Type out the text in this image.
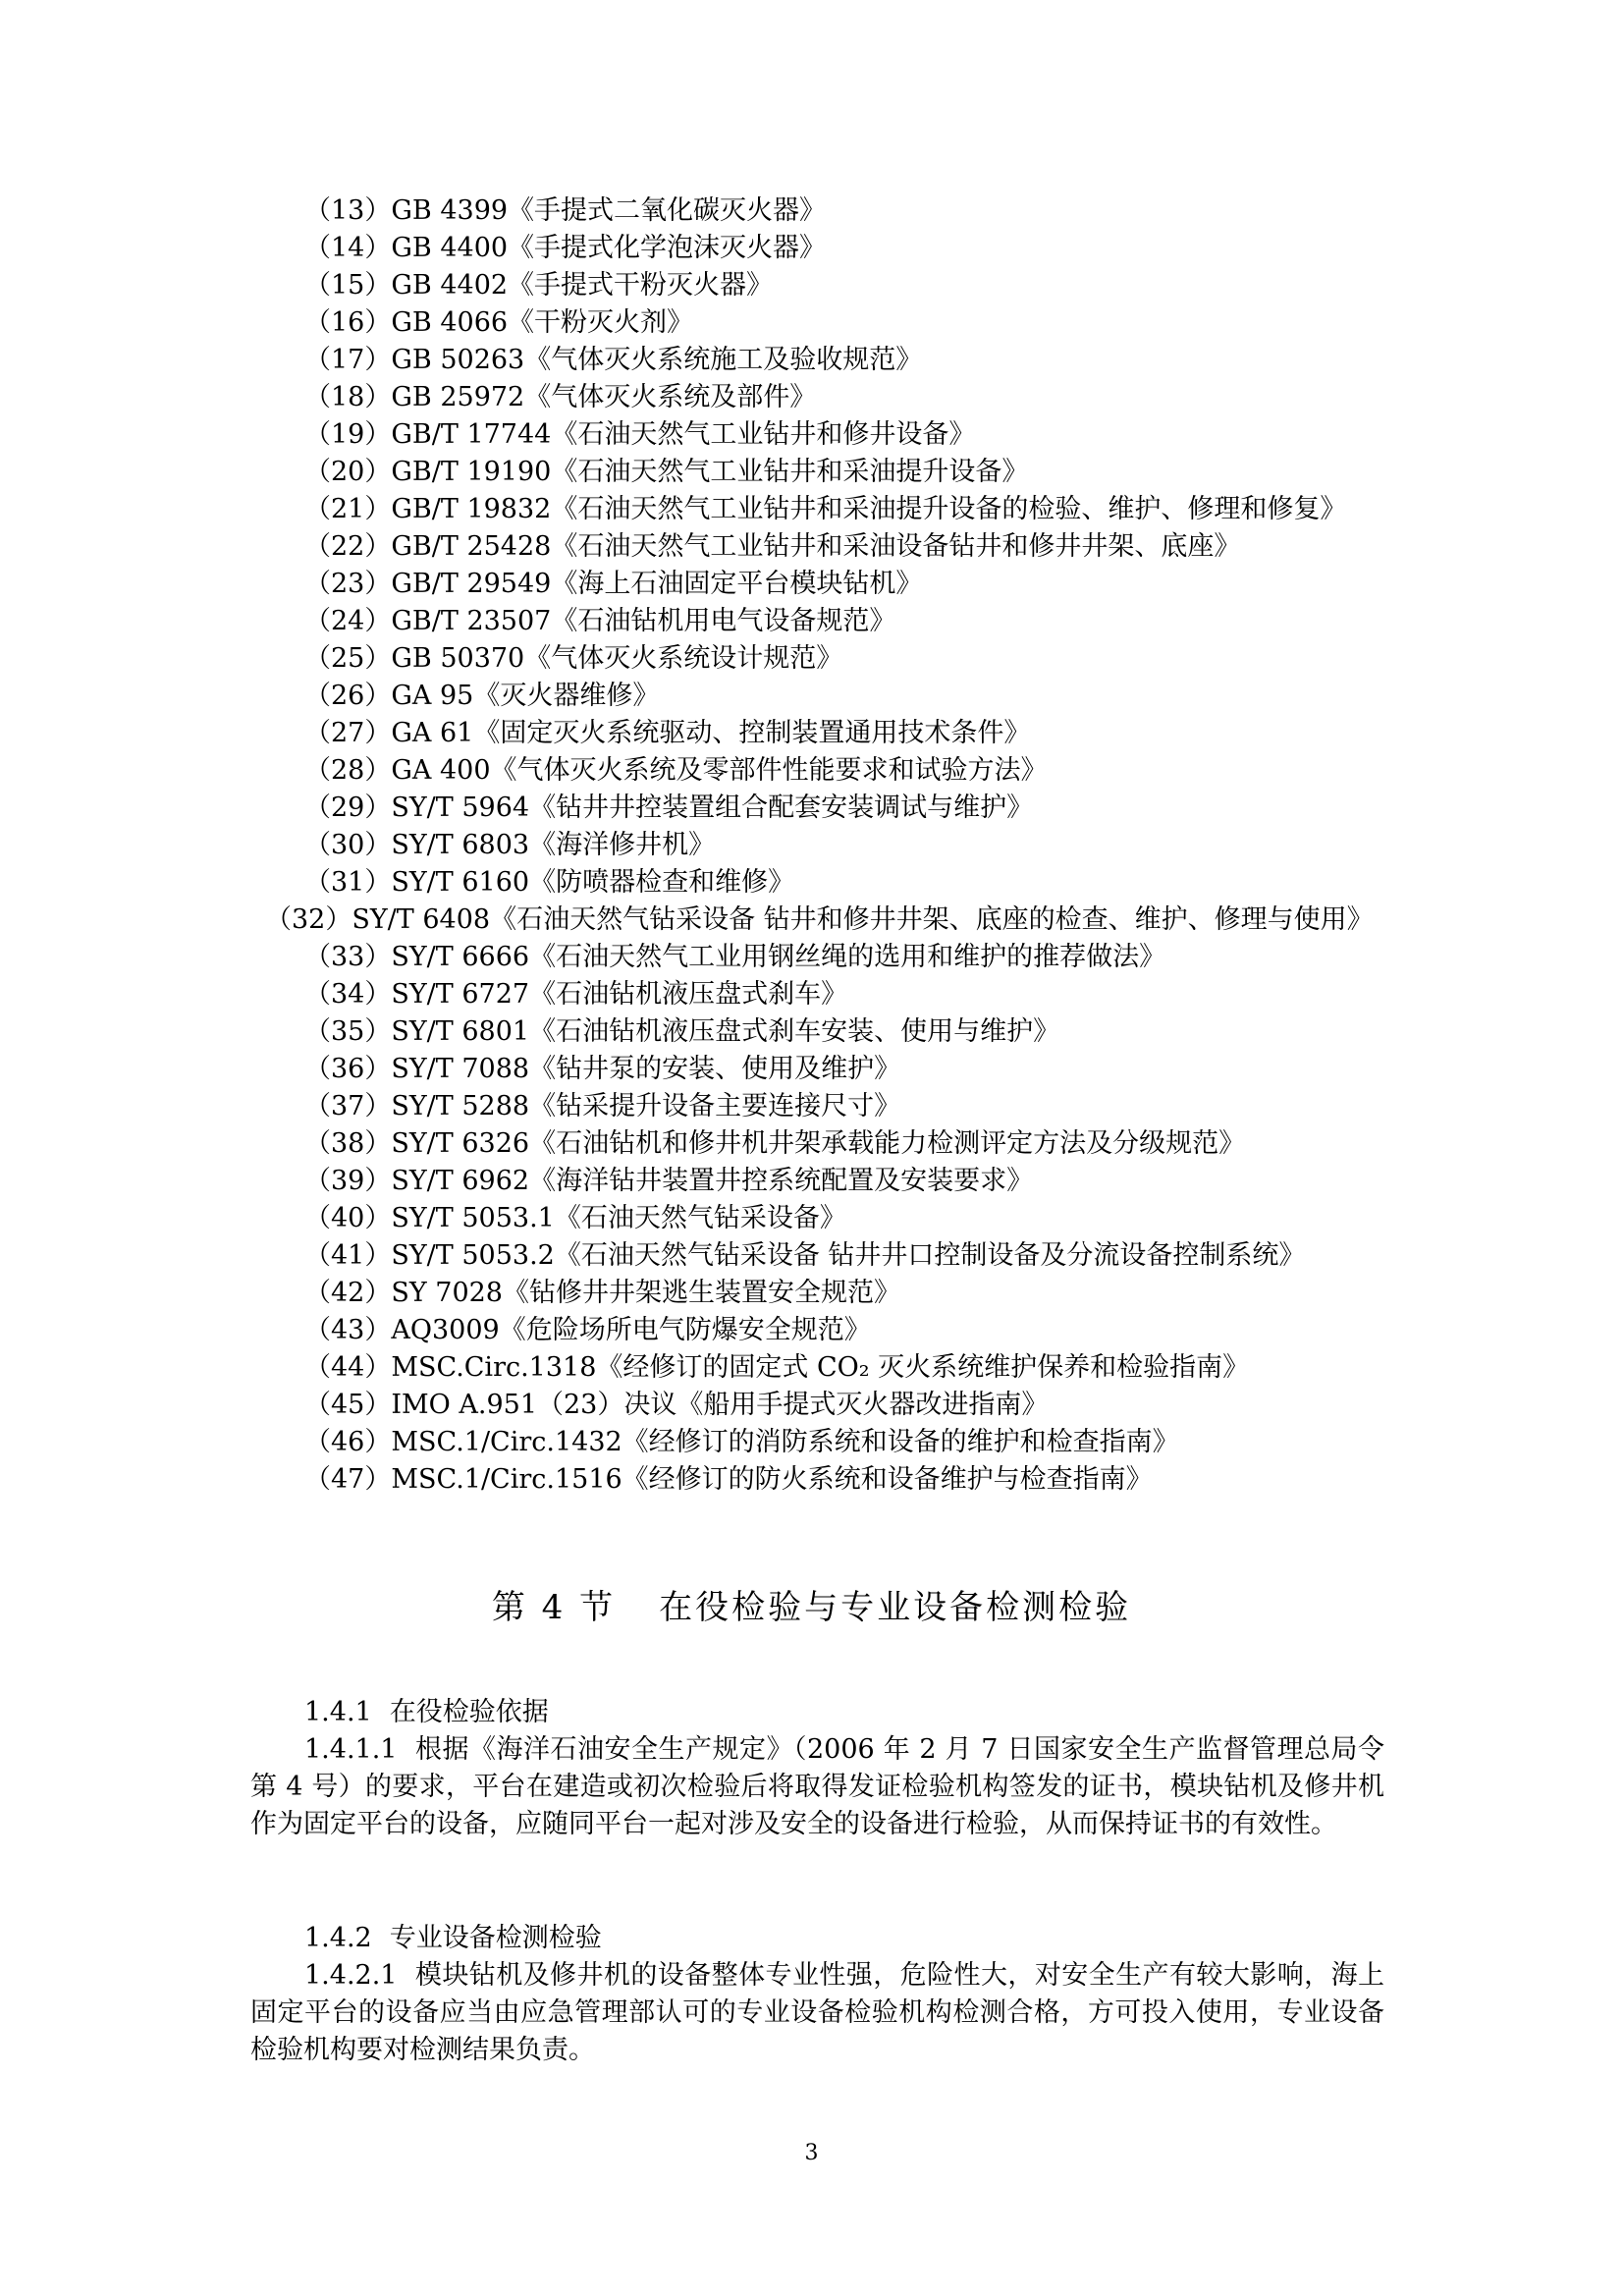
（13）GB 4399《手提式二氧化碳灭火器》
（14）GB 4400《手提式化学泡沫灭火器》
（15）GB 4402《手提式干粉灭火器》
（16）GB 4066《干粉灭火剂》
（17）GB 50263《气体灭火系统施工及验收规范》
（18）GB 25972《气体灭火系统及部件》
（19）GB/T 17744《石油天然气工业钻井和修井设备》
（20）GB/T 19190《石油天然气工业钻井和采油提升设备》
（21）GB/T 19832《石油天然气工业钻井和采油提升设备的检验、维护、修理和修复》
（22）GB/T 25428《石油天然气工业钻井和采油设备钻井和修井井架、底座》
（23）GB/T 29549《海上石油固定平台模块钻机》
（24）GB/T 23507《石油钻机用电气设备规范》
（25）GB 50370《气体灭火系统设计规范》
（26）GA 95《灭火器维修》
（27）GA 61《固定灭火系统驱动、控制装置通用技术条件》
（28）GA 400《气体灭火系统及零部件性能要求和试验方法》
（29）SY/T 5964《钻井井控装置组合配套安装调试与维护》
（30）SY/T 6803《海洋修井机》
（31）SY/T 6160《防喷器检查和维修》
（32）SY/T 6408《石油天然气钻采设备 钻井和修井井架、底座的检查、维护、修理与使用》
（33）SY/T 6666《石油天然气工业用钢丝绳的选用和维护的推荐做法》
（34）SY/T 6727《石油钻机液压盘式刹车》
（35）SY/T 6801《石油钻机液压盘式刹车安装、使用与维护》
（36）SY/T 7088《钻井泵的安装、使用及维护》
（37）SY/T 5288《钻采提升设备主要连接尺寸》
（38）SY/T 6326《石油钻机和修井机井架承载能力检测评定方法及分级规范》
（39）SY/T 6962《海洋钻井装置井控系统配置及安装要求》
（40）SY/T 5053.1《石油天然气钻采设备》
（41）SY/T 5053.2《石油天然气钻采设备 钻井井口控制设备及分流设备控制系统》
（42）SY 7028《钻修井井架逃生装置安全规范》
（43）AQ3009《危险场所电气防爆安全规范》
（44）MSC.Circ.1318《经修订的固定式 CO₂ 灭火系统维护保养和检验指南》
（45）IMO A.951（23）决议《船用手提式灭火器改进指南》
（46）MSC.1/Circ.1432《经修订的消防系统和设备的维护和检查指南》
（47）MSC.1/Circ.1516《经修订的防火系统和设备维护与检查指南》
第 4 节 在役检验与专业设备检测检验
1.4.1 在役检验依据

1.4.1.1 根据《海洋石油安全生产规定》（2006 年 2 月 7 日国家安全生产监督管理总局令第 4 号）的要求，平台在建造或初次检验后将取得发证检验机构签发的证书，模块钻机及修井机作为固定平台的设备，应随同平台一起对涉及安全的设备进行检验，从而保持证书的有效性。

1.4.2 专业设备检测检验

1.4.2.1 模块钻机及修井机的设备整体专业性强，危险性大，对安全生产有较大影响，海上固定平台的设备应当由应急管理部认可的专业设备检验机构检测合格，方可投入使用，专业设备检验机构要对检测结果负责。

3
